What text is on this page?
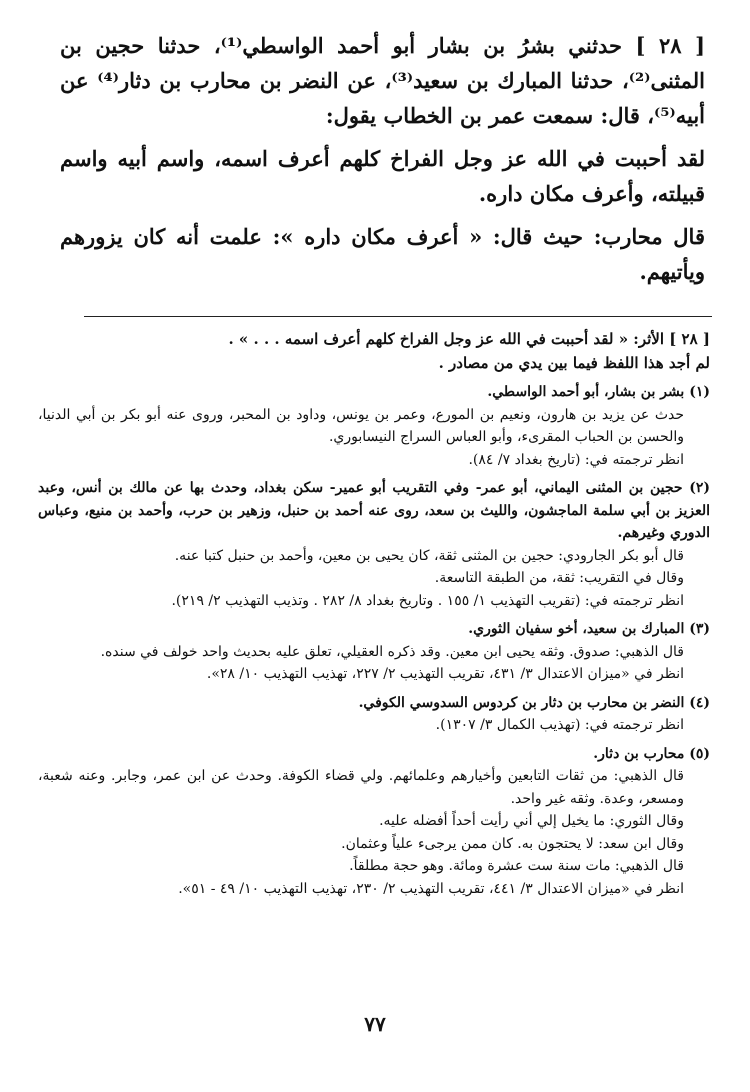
[ ٢٨ ] حدثني بشرُ بن بشار أبو أحمد الواسطي⁽¹⁾، حدثنا حجين بن المثنى⁽²⁾، حدثنا المبارك بن سعيد⁽³⁾، عن النضر بن محارب بن دثار⁽⁴⁾ عن أبيه⁽⁵⁾، قال: سمعت عمر بن الخطاب يقول:

لقد أحببت في الله عز وجل الفراخ كلهم أعرف اسمه، واسم أبيه واسم قبيلته، وأعرف مكان داره.

قال محارب: حيث قال: « أعرف مكان داره »: علمت أنه كان يزورهم ويأتيهم.

[ ٢٨ ] الأثر: « لقد أحببت في الله عز وجل الفراخ كلهم أعرف اسمه . . . » .
لم أجد هذا اللفظ فيما بين يدي من مصادر .
(١) بشر بن بشار، أبو أحمد الواسطي.
حدث عن يزيد بن هارون، ونعيم بن المورع، وعمر بن يونس، وداود بن المحبر، وروى عنه أبو بكر بن أبي الدنيا، والحسن بن الحباب المقرىء، وأبو العباس السراج النيسابوري.
انظر ترجمته في: (تاريخ بغداد ٧/ ٨٤).
(٢) حجين بن المثنى اليماني، أبو عمر- وفي التقريب أبو عمير- سكن بغداد، وحدث بها عن مالك بن أنس، وعبد العزيز بن أبي سلمة الماجشون، والليث بن سعد، روى عنه أحمد بن حنبل، وزهير بن حرب، وأحمد بن منيع، وعباس الدوري وغيرهم.
قال أبو بكر الجارودي: حجين بن المثنى ثقة، كان يحيى بن معين، وأحمد بن حنبل كتبا عنه.
وقال في التقريب: ثقة، من الطبقة التاسعة.
انظر ترجمته في: (تقريب التهذيب ١/ ١٥٥ . وتاريخ بغداد ٨/ ٢٨٢ . وتذيب التهذيب ٢/ ٢١٩).
(٣) المبارك بن سعيد، أخو سفيان الثوري.
قال الذهبي: صدوق. وثقه يحيى ابن معين. وقد ذكره العقيلي، تعلق عليه بحديث واحد خولف في سنده.
انظر في «ميزان الاعتدال ٣/ ٤٣١، تقريب التهذيب ٢/ ٢٢٧، تهذيب التهذيب ١٠/ ٢٨».
(٤) النضر بن محارب بن دثار بن كردوس السدوسي الكوفي.
انظر ترجمته في: (تهذيب الكمال ٣/ ١٣٠٧).
(٥) محارب بن دثار.
قال الذهبي: من ثقات التابعين وأخيارهم وعلمائهم. ولي قضاء الكوفة. وحدث عن ابن عمر، وجابر. وعنه شعبة، ومسعر، وعدة. وثقه غير واحد.
وقال الثوري: ما يخيل إلي أني رأيت أحداً أفضله عليه.
وقال ابن سعد: لا يحتجون به. كان ممن يرجىء علياً وعثمان.
قال الذهبي: مات سنة ست عشرة ومائة. وهو حجة مطلقاً.
انظر في «ميزان الاعتدال ٣/ ٤٤١، تقريب التهذيب ٢/ ٢٣٠، تهذيب التهذيب ١٠/ ٤٩ - ٥١».
٧٧
